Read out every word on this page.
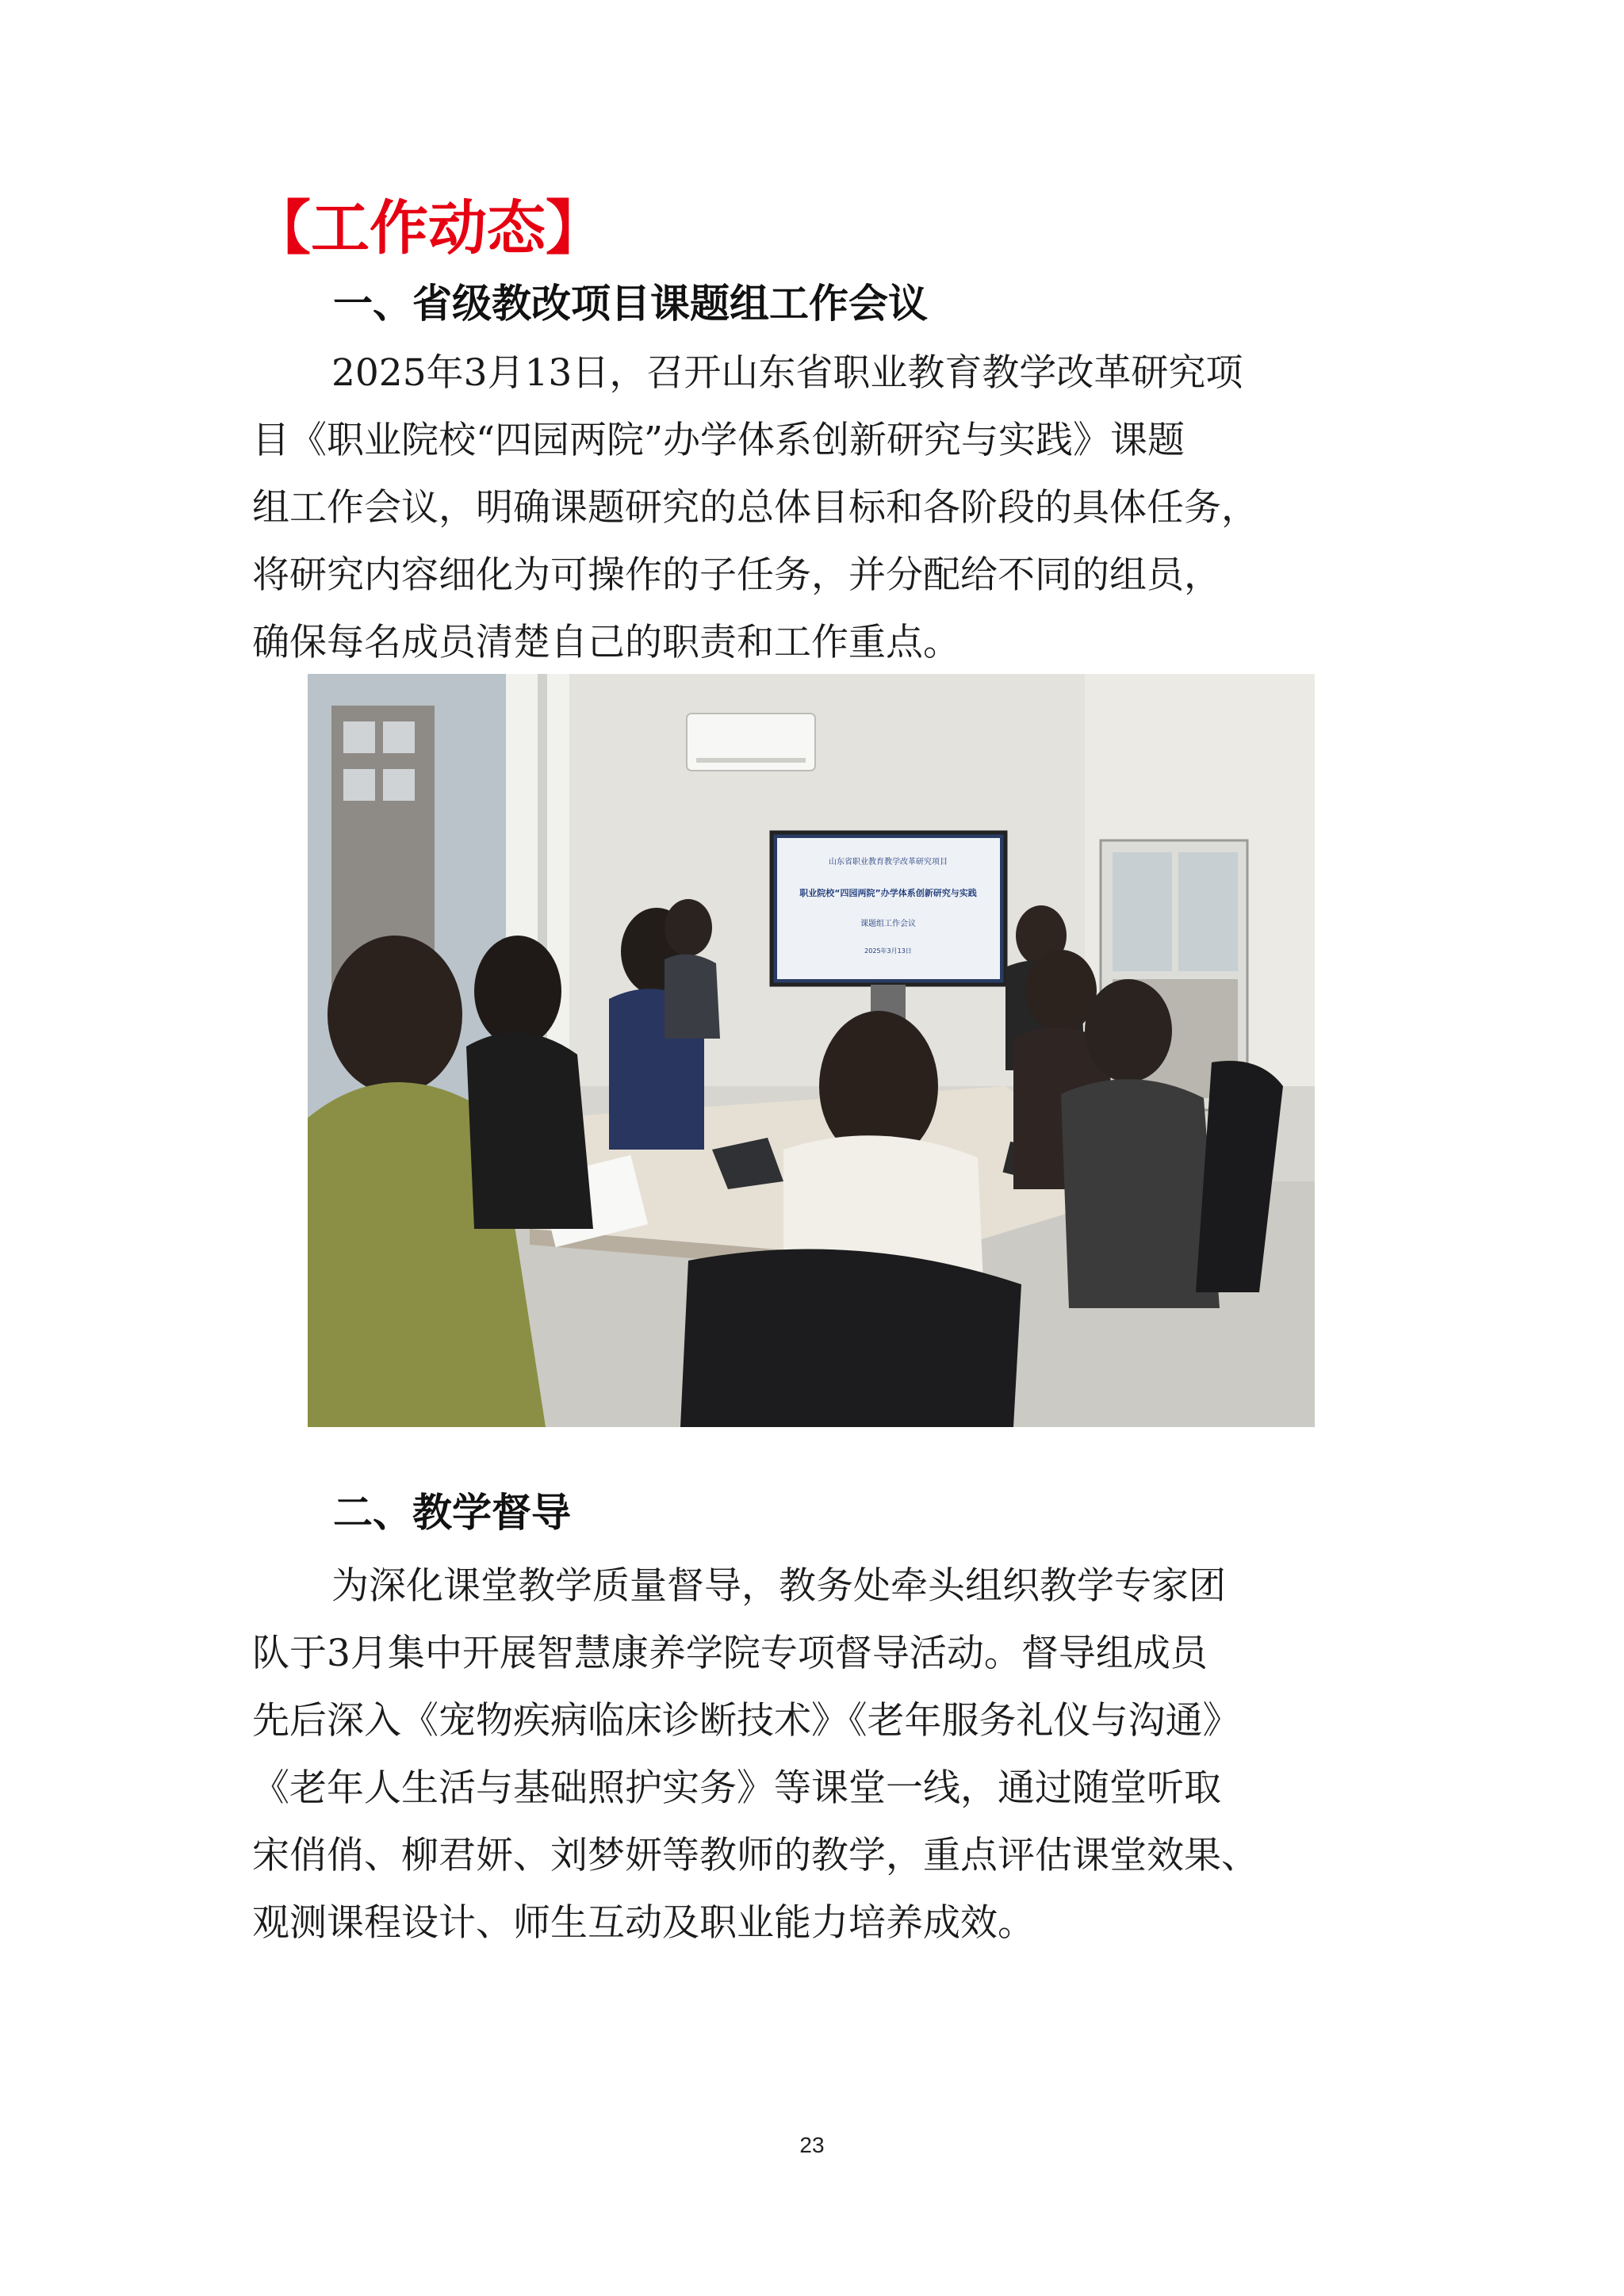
【工作动态】
一、省级教改项目课题组工作会议
2025年3月13日，召开山东省职业教育教学改革研究项
目《职业院校“四园两院”办学体系创新研究与实践》课题
组工作会议，明确课题研究的总体目标和各阶段的具体任务，
将研究内容细化为可操作的子任务，并分配给不同的组员，
确保每名成员清楚自己的职责和工作重点。
山东省职业教育教学改革研究项目
职业院校“四园两院”办学体系创新研究与实践
课题组工作会议
2025年3月13日
二、教学督导
为深化课堂教学质量督导，教务处牵头组织教学专家团
队于3月集中开展智慧康养学院专项督导活动。督导组成员
先后深入《宠物疾病临床诊断技术》《老年服务礼仪与沟通》
《老年人生活与基础照护实务》等课堂一线，通过随堂听取
宋俏俏、柳君妍、刘梦妍等教师的教学，重点评估课堂效果、
观测课程设计、师生互动及职业能力培养成效。
23
